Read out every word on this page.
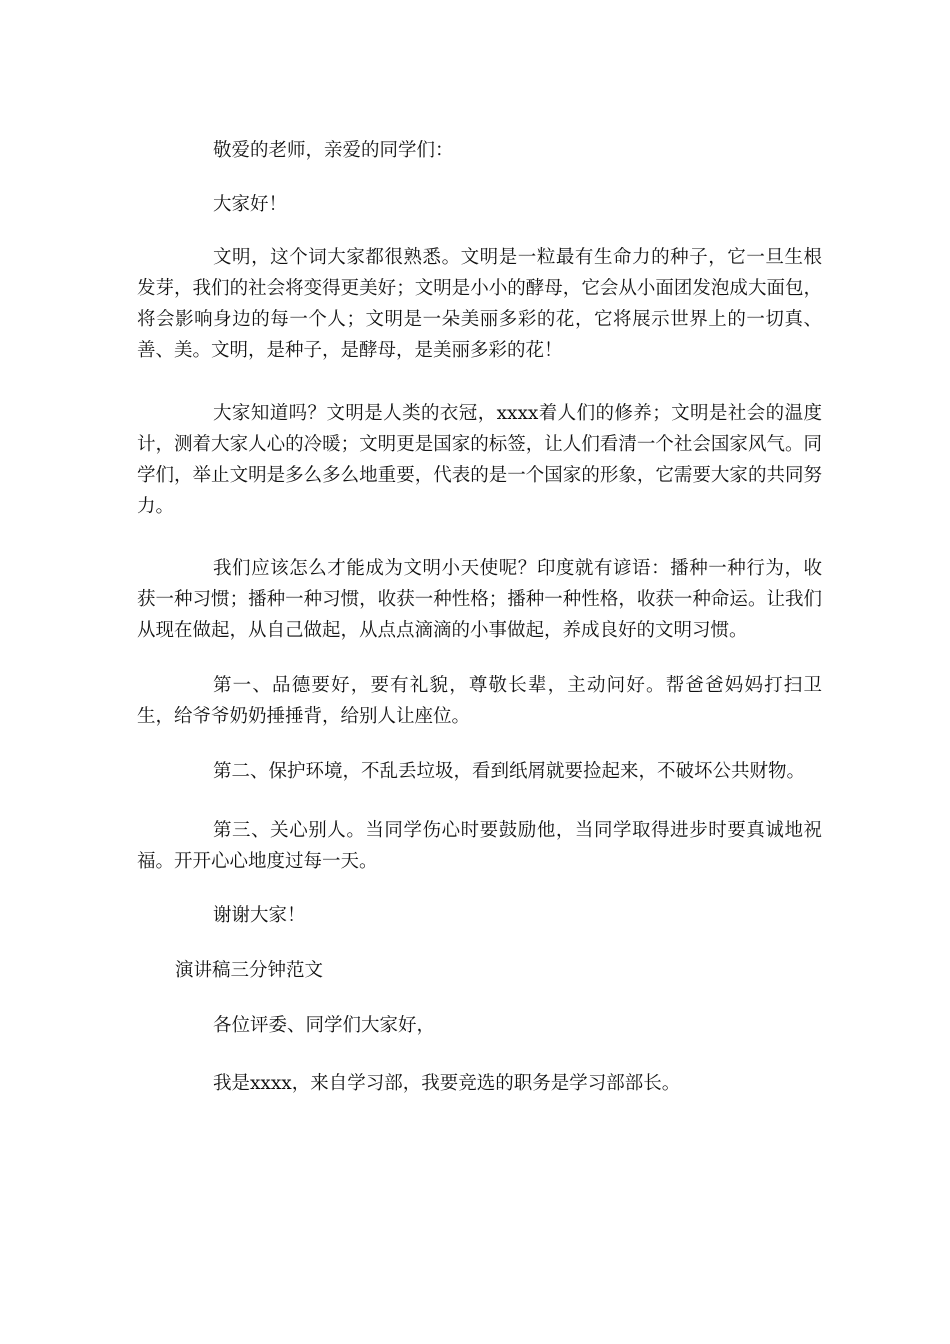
敬爱的老师，亲爱的同学们：

大家好！

文明，这个词大家都很熟悉。文明是一粒最有生命力的种子，它一旦生根发芽，我们的社会将变得更美好；文明是小小的酵母，它会从小面团发泡成大面包，将会影响身边的每一个人；文明是一朵美丽多彩的花，它将展示世界上的一切真、善、美。文明，是种子，是酵母，是美丽多彩的花！

大家知道吗？文明是人类的衣冠，xxxx着人们的修养；文明是社会的温度计，测着大家人心的冷暖；文明更是国家的标签，让人们看清一个社会国家风气。同学们，举止文明是多么多么地重要，代表的是一个国家的形象，它需要大家的共同努力。

我们应该怎么才能成为文明小天使呢？印度就有谚语：播种一种行为，收获一种习惯；播种一种习惯，收获一种性格；播种一种性格，收获一种命运。让我们从现在做起，从自己做起，从点点滴滴的小事做起，养成良好的文明习惯。

第一、品德要好，要有礼貌，尊敬长辈，主动问好。帮爸爸妈妈打扫卫生，给爷爷奶奶捶捶背，给别人让座位。

第二、保护环境，不乱丢垃圾，看到纸屑就要捡起来，不破坏公共财物。

第三、关心别人。当同学伤心时要鼓励他，当同学取得进步时要真诚地祝福。开开心心地度过每一天。

谢谢大家！

演讲稿三分钟范文

各位评委、同学们大家好，

我是xxxx，来自学习部，我要竞选的职务是学习部部长。
